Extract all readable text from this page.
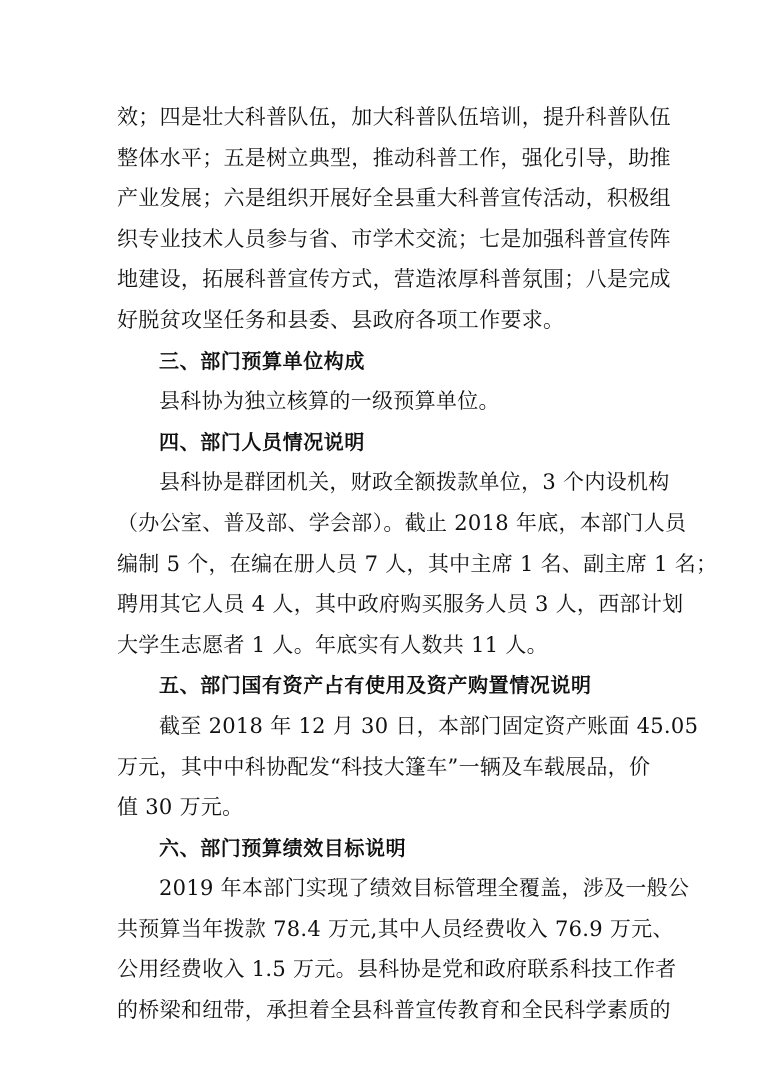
效；四是壮大科普队伍，加大科普队伍培训，提升科普队伍
整体水平；五是树立典型，推动科普工作，强化引导，助推
产业发展；六是组织开展好全县重大科普宣传活动，积极组
织专业技术人员参与省、市学术交流；七是加强科普宣传阵
地建设，拓展科普宣传方式，营造浓厚科普氛围；八是完成
好脱贫攻坚任务和县委、县政府各项工作要求。
三、部门预算单位构成
县科协为独立核算的一级预算单位。
四、部门人员情况说明
县科协是群团机关，财政全额拨款单位，3 个内设机构
（办公室、普及部、学会部）。截止 2018 年底，本部门人员
编制 5 个，在编在册人员 7 人，其中主席 1 名、副主席 1 名；
聘用其它人员 4 人，其中政府购买服务人员 3 人，西部计划
大学生志愿者 1 人。年底实有人数共 11 人。
五、部门国有资产占有使用及资产购置情况说明
截至 2018 年 12 月 30 日，本部门固定资产账面 45.05
万元，其中中科协配发“科技大篷车”一辆及车载展品，价
值 30 万元。
六、部门预算绩效目标说明
2019 年本部门实现了绩效目标管理全覆盖，涉及一般公
共预算当年拨款 78.4 万元,其中人员经费收入 76.9 万元、
公用经费收入 1.5 万元。县科协是党和政府联系科技工作者
的桥梁和纽带，承担着全县科普宣传教育和全民科学素质的
